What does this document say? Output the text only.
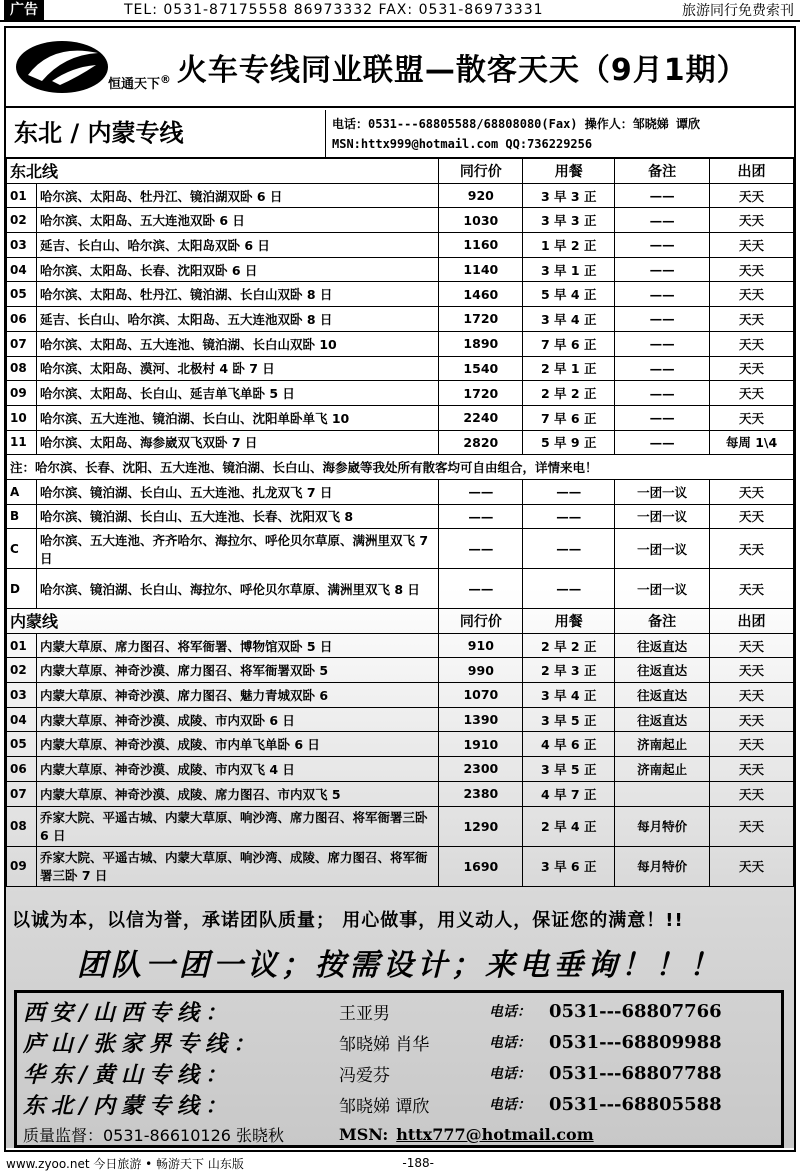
广告	TEL: 0531-87175558 86973332 FAX: 0531-86973331	旅游同行免费索刊
恒通天下® 火车专线同业联盟—散客天天（9月1期）
东北 / 内蒙专线	电话：0531---68805588/68808080(Fax) 操作人：邹晓娣 谭欣
MSN:httx999@hotmail.com QQ:736229256
东北线		同行价	用餐	备注	出团
01	哈尔滨、太阳岛、牡丹江、镜泊湖双卧 6 日	920	3 早 3 正	——	天天
02	哈尔滨、太阳岛、五大连池双卧 6 日	1030	3 早 3 正	——	天天
03	延吉、长白山、哈尔滨、太阳岛双卧 6 日	1160	1 早 2 正	——	天天
04	哈尔滨、太阳岛、长春、沈阳双卧 6 日	1140	3 早 1 正	——	天天
05	哈尔滨、太阳岛、牡丹江、镜泊湖、长白山双卧 8 日	1460	5 早 4 正	——	天天
06	延吉、长白山、哈尔滨、太阳岛、五大连池双卧 8 日	1720	3 早 4 正	——	天天
07	哈尔滨、太阳岛、五大连池、镜泊湖、长白山双卧 10	1890	7 早 6 正	——	天天
08	哈尔滨、太阳岛、漠河、北极村 4 卧 7 日	1540	2 早 1 正	——	天天
09	哈尔滨、太阳岛、长白山、延吉单飞单卧 5 日	1720	2 早 2 正	——	天天
10	哈尔滨、五大连池、镜泊湖、长白山、沈阳单卧单飞 10	2240	7 早 6 正	——	天天
11	哈尔滨、太阳岛、海参崴双飞双卧 7 日	2820	5 早 9 正	——	每周 1\4
注：哈尔滨、长春、沈阳、五大连池、镜泊湖、长白山、海参崴等我处所有散客均可自由组合，详情来电！					
A	哈尔滨、镜泊湖、长白山、五大连池、扎龙双飞 7 日	——	——	一团一议	天天
B	哈尔滨、镜泊湖、长白山、五大连池、长春、沈阳双飞 8	——	——	一团一议	天天
C	哈尔滨、五大连池、齐齐哈尔、海拉尔、呼伦贝尔草原、满洲里双飞 7 日	——	——	一团一议	天天
D	哈尔滨、镜泊湖、长白山、海拉尔、呼伦贝尔草原、满洲里双飞 8 日	——	——	一团一议	天天
内蒙线		同行价	用餐	备注	出团
01	内蒙大草原、席力图召、将军衙署、博物馆双卧 5 日	910	2 早 2 正	往返直达	天天
02	内蒙大草原、神奇沙漠、席力图召、将军衙署双卧 5	990	2 早 3 正	往返直达	天天
03	内蒙大草原、神奇沙漠、席力图召、魅力青城双卧 6	1070	3 早 4 正	往返直达	天天
04	内蒙大草原、神奇沙漠、成陵、市内双卧 6 日	1390	3 早 5 正	往返直达	天天
05	内蒙大草原、神奇沙漠、成陵、市内单飞单卧 6 日	1910	4 早 6 正	济南起止	天天
06	内蒙大草原、神奇沙漠、成陵、市内双飞 4 日	2300	3 早 5 正	济南起止	天天
07	内蒙大草原、神奇沙漠、成陵、席力图召、市内双飞 5	2380	4 早 7 正		天天
08	乔家大院、平遥古城、内蒙大草原、响沙湾、席力图召、将军衙署三卧 6 日	1290	2 早 4 正	每月特价	天天
09	乔家大院、平遥古城、内蒙大草原、响沙湾、成陵、席力图召、将军衙署三卧 7 日	1690	3 早 6 正	每月特价	天天
以诚为本，以信为誉，承诺团队质量； 用心做事，用义动人，保证您的满意！!!
团队一团一议；按需设计；来电垂询！！！
西安/山西专线：	王亚男	电话：	0531---68807766
庐山/张家界专线：	邹晓娣 肖华	电话：	0531---68809988
华东/黄山专线：	冯爱芬	电话：	0531---68807788
东北/内蒙专线：	邹晓娣 谭欣	电话：	0531---68805588
质量监督：0531-86610126 张晓秋	MSN: httx777@hotmail.com
www.zyoo.net 今日旅游 • 畅游天下 山东版	-188-
